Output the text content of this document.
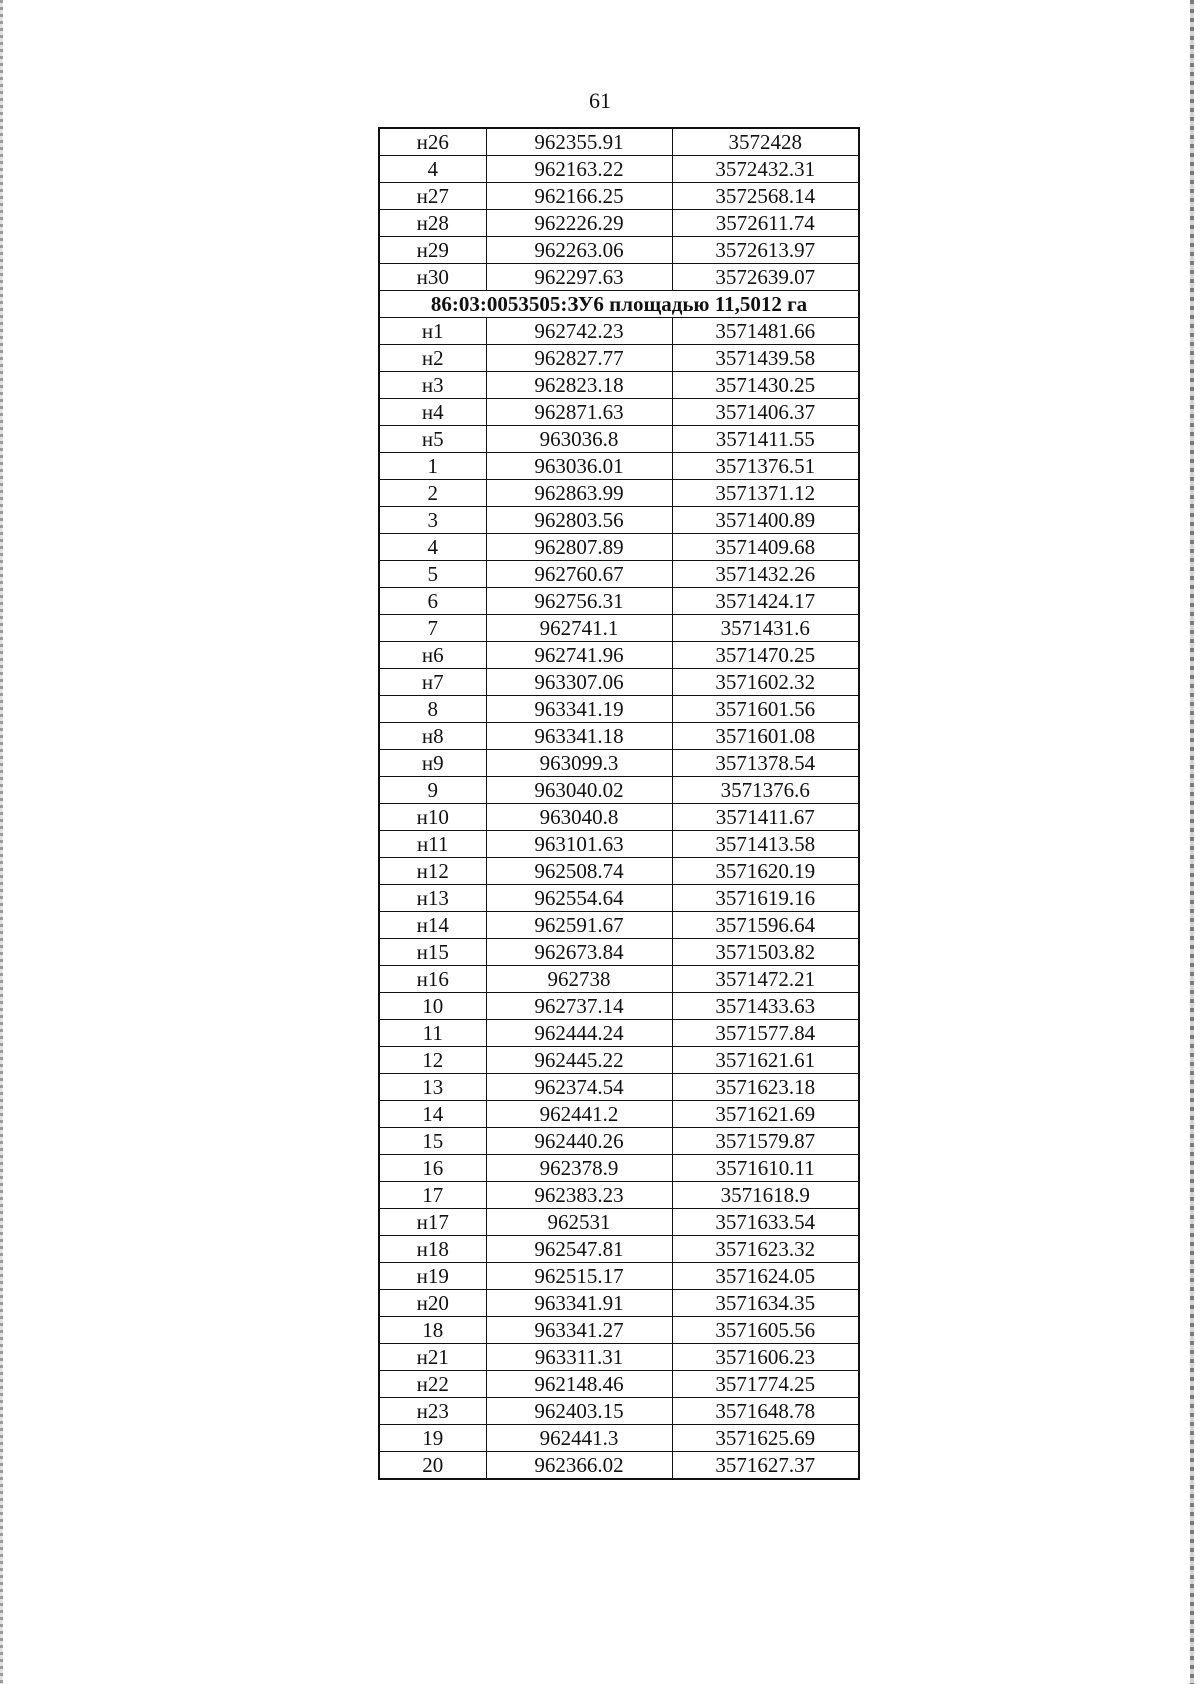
61
н26	962355.91	3572428
4	962163.22	3572432.31
н27	962166.25	3572568.14
н28	962226.29	3572611.74
н29	962263.06	3572613.97
н30	962297.63	3572639.07
86:03:0053505:ЗУ6 площадью 11,5012 га		
н1	962742.23	3571481.66
н2	962827.77	3571439.58
н3	962823.18	3571430.25
н4	962871.63	3571406.37
н5	963036.8	3571411.55
1	963036.01	3571376.51
2	962863.99	3571371.12
3	962803.56	3571400.89
4	962807.89	3571409.68
5	962760.67	3571432.26
6	962756.31	3571424.17
7	962741.1	3571431.6
н6	962741.96	3571470.25
н7	963307.06	3571602.32
8	963341.19	3571601.56
н8	963341.18	3571601.08
н9	963099.3	3571378.54
9	963040.02	3571376.6
н10	963040.8	3571411.67
н11	963101.63	3571413.58
н12	962508.74	3571620.19
н13	962554.64	3571619.16
н14	962591.67	3571596.64
н15	962673.84	3571503.82
н16	962738	3571472.21
10	962737.14	3571433.63
11	962444.24	3571577.84
12	962445.22	3571621.61
13	962374.54	3571623.18
14	962441.2	3571621.69
15	962440.26	3571579.87
16	962378.9	3571610.11
17	962383.23	3571618.9
н17	962531	3571633.54
н18	962547.81	3571623.32
н19	962515.17	3571624.05
н20	963341.91	3571634.35
18	963341.27	3571605.56
н21	963311.31	3571606.23
н22	962148.46	3571774.25
н23	962403.15	3571648.78
19	962441.3	3571625.69
20	962366.02	3571627.37
